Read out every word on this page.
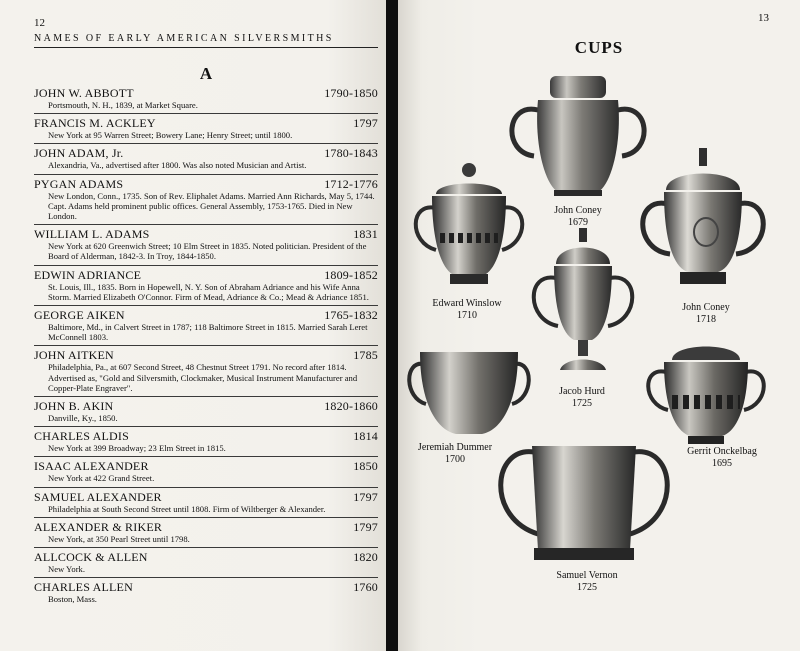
12
NAMES OF EARLY AMERICAN SILVERSMITHS
A
JOHN W. ABBOTT	1790-1850
Portsmouth, N. H., 1839, at Market Square.
FRANCIS M. ACKLEY	1797
New York at 95 Warren Street; Bowery Lane; Henry Street; until 1800.
JOHN ADAM, Jr.	1780-1843
Alexandria, Va., advertised after 1800. Was also noted Musician and Artist.
PYGAN ADAMS	1712-1776
New London, Conn., 1735. Son of Rev. Eliphalet Adams. Married Ann Richards, May 5, 1744. Capt. Adams held prominent public offices. General Assembly, 1753-1765. Died in New London.
WILLIAM L. ADAMS	1831
New York at 620 Greenwich Street; 10 Elm Street in 1835. Noted politician. President of the Board of Alderman, 1842-3. In Troy, 1844-1850.
EDWIN ADRIANCE	1809-1852
St. Louis, Ill., 1835. Born in Hopewell, N. Y. Son of Abraham Adriance and his Wife Anna Storm. Married Elizabeth O'Connor. Firm of Mead, Adriance & Co.; Mead & Adriance 1851.
GEORGE AIKEN	1765-1832
Baltimore, Md., in Calvert Street in 1787; 118 Baltimore Street in 1815. Married Sarah Leret McConnell 1803.
JOHN AITKEN	1785
Philadelphia, Pa., at 607 Second Street, 48 Chestnut Street 1791. No record after 1814. Advertised as, "Gold and Silversmith, Clockmaker, Musical Instrument Manufacturer and Copper-Plate Engraver".
JOHN B. AKIN	1820-1860
Danville, Ky., 1850.
CHARLES ALDIS	1814
New York at 399 Broadway; 23 Elm Street in 1815.
ISAAC ALEXANDER	1850
New York at 422 Grand Street.
SAMUEL ALEXANDER	1797
Philadelphia at South Second Street until 1808. Firm of Wiltberger & Alexander.
ALEXANDER & RIKER	1797
New York, at 350 Pearl Street until 1798.
ALLCOCK & ALLEN	1820
New York.
CHARLES ALLEN	1760
Boston, Mass.
13
CUPS
John Coney
1679
Edward Winslow
1710
John Coney
1718
Jacob Hurd
1725
Jeremiah Dummer
1700
Gerrit Onckelbag
1695
Samuel Vernon
1725
